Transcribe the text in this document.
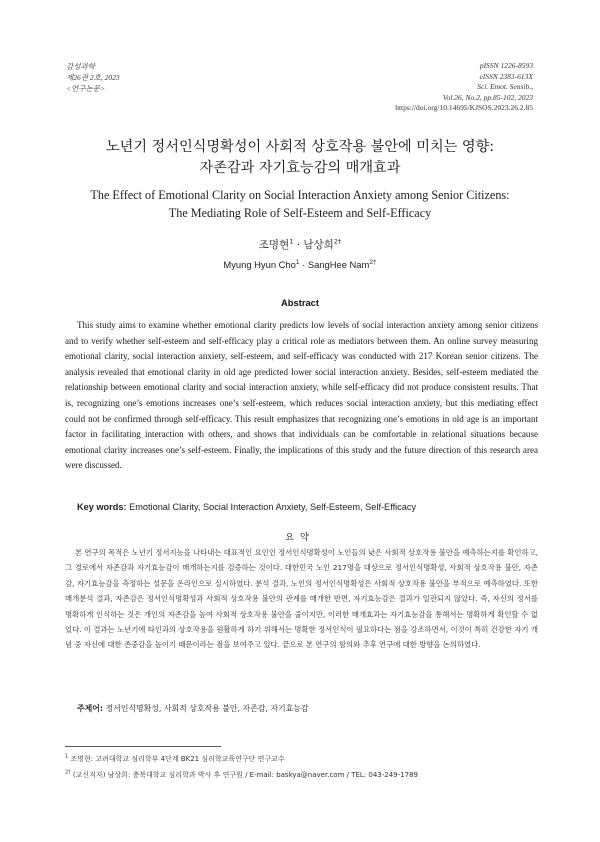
감성과학
제26권 2호, 2023
<연구논문>
pISSN 1226-8593
eISSN 2383-613X
Sci. Emot. Sensib.,
Vol.26, No.2, pp.85-102, 2023
https://doi.org/10.14695/KJSOS.2023.26.2.85
노년기 정서인식명확성이 사회적 상호작용 불안에 미치는 영향:
자존감과 자기효능감의 매개효과
The Effect of Emotional Clarity on Social Interaction Anxiety among Senior Citizens:
The Mediating Role of Self-Esteem and Self-Efficacy
조명현$^1$ · 남상희$^{2\dagger}$
Myung Hyun Cho$^1$ · SangHee Nam$^{2\dagger}$
Abstract
This study aims to examine whether emotional clarity predicts low levels of social interaction anxiety among senior citizens and to verify whether self-esteem and self-efficacy play a critical role as mediators between them. An online survey measuring emotional clarity, social interaction anxiety, self-esteem, and self-efficacy was conducted with 217 Korean senior citizens. The analysis revealed that emotional clarity in old age predicted lower social interaction anxiety. Besides, self-esteem mediated the relationship between emotional clarity and social interaction anxiety, while self-efficacy did not produce consistent results. That is, recognizing one’s emotions increases one’s self-esteem, which reduces social interaction anxiety, but this mediating effect could not be confirmed through self-efficacy. This result emphasizes that recognizing one’s emotions in old age is an important factor in facilitating interaction with others, and shows that individuals can be comfortable in relational situations because emotional clarity increases one’s self-esteem. Finally, the implications of this study and the future direction of this research area were discussed.
Key words: Emotional Clarity, Social Interaction Anxiety, Self-Esteem, Self-Efficacy
요약
본 연구의 목적은 노년기 정서지능을 나타내는 대표적인 요인인 정서인식명확성이 노인들의 낮은 사회적 상호작용 불안을 예측하는지를 확인하고, 그 경로에서 자존감과 자기효능감이 매개하는지를 검증하는 것이다. 대한민국 노인 217명을 대상으로 정서인식명확성, 사회적 상호작용 불안, 자존감, 자기효능감을 측정하는 설문을 온라인으로 실시하였다. 분석 결과, 노인의 정서인식명확성은 사회적 상호작용 불안을 부적으로 예측하였다. 또한 매개분석 결과, 자존감은 정서인식명확성과 사회적 상호작용 불안의 관계를 매개한 반면, 자기효능감은 결과가 일관되지 않았다. 즉, 자신의 정서를 명확하게 인식하는 것은 개인의 자존감을 높여 사회적 상호작용 불안을 줄이지만, 이러한 매개효과는 자기효능감을 통해서는 명확하게 확인할 수 없었다. 이 결과는 노년기에 타인과의 상호작용을 원활하게 하기 위해서는 명확한 정서인식이 필요하다는 점을 강조하면서, 이것이 특히 건강한 자기 개념 중 자신에 대한 존중감을 높이기 때문이라는 점을 보여주고 있다. 끝으로 본 연구의 함의와 추후 연구에 대한 방향을 논의하였다.
주제어: 정서인식명확성, 사회적 상호작용 불안, 자존감, 자기효능감
$^1$ 조명현: 고려대학교 심리학부 4단계 BK21 심리학교육연구단 연구교수
$^{2\dagger}$ (교신저자) 남상희: 충북대학교 심리학과 박사 후 연구원 / E-mail: baskya@naver.com / TEL: 043-249-1789
